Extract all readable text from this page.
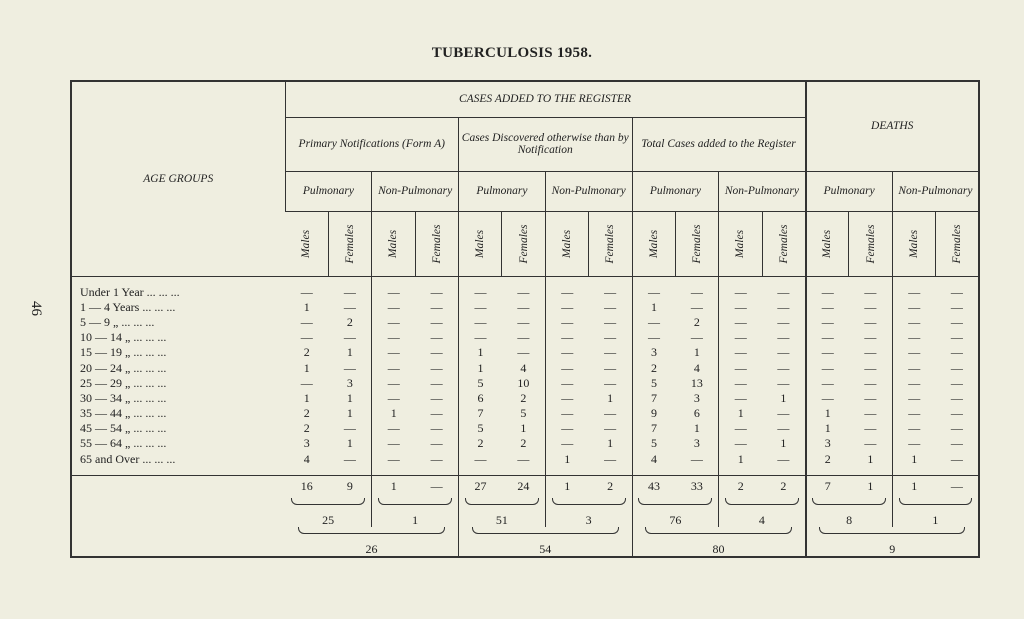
46
TUBERCULOSIS 1958.
AGE GROUPS	CASES ADDED TO THE REGISTER												DEATHS			
	Primary Notifications (Form A)				Cases Discovered otherwise than by Notification				Total Cases added to the Register							
	Pulmonary		Non-Pulmonary		Pulmonary		Non-Pulmonary		Pulmonary		Non-Pulmonary		Pulmonary		Non-Pulmonary	

	Males	Females	Males	Females	Males	Females	Males	Females	Males	Females	Males	Females	Males	Females	Males	Females

Under 1 Year ... ... ...	—	—	—	—	—	—	—	—	—	—	—	—	—	—	—	—
1 — 4 Years ... ... ...	1	—	—	—	—	—	—	—	1	—	—	—	—	—	—	—
5 — 9 „ ... ... ...	—	2	—	—	—	—	—	—	—	2	—	—	—	—	—	—
10 — 14 „ ... ... ...	—	—	—	—	—	—	—	—	—	—	—	—	—	—	—	—
15 — 19 „ ... ... ...	2	1	—	—	1	—	—	—	3	1	—	—	—	—	—	—
20 — 24 „ ... ... ...	1	—	—	—	1	4	—	—	2	4	—	—	—	—	—	—
25 — 29 „ ... ... ...	—	3	—	—	5	10	—	—	5	13	—	—	—	—	—	—
30 — 34 „ ... ... ...	1	1	—	—	6	2	—	1	7	3	—	1	—	—	—	—
35 — 44 „ ... ... ...	2	1	1	—	7	5	—	—	9	6	1	—	1	—	—	—
45 — 54 „ ... ... ...	2	—	—	—	5	1	—	—	7	1	—	—	1	—	—	—
55 — 64 „ ... ... ...	3	1	—	—	2	2	—	1	5	3	—	1	3	—	—	—
65 and Over ... ... ...	4	—	—	—	—	—	1	—	4	—	1	—	2	1	1	—

	16	9	1	—	27	24	1	2	43	33	2	2	7	1	1	—

	25		1		51		3		76		4		8		1	

	26				54				80				9			
